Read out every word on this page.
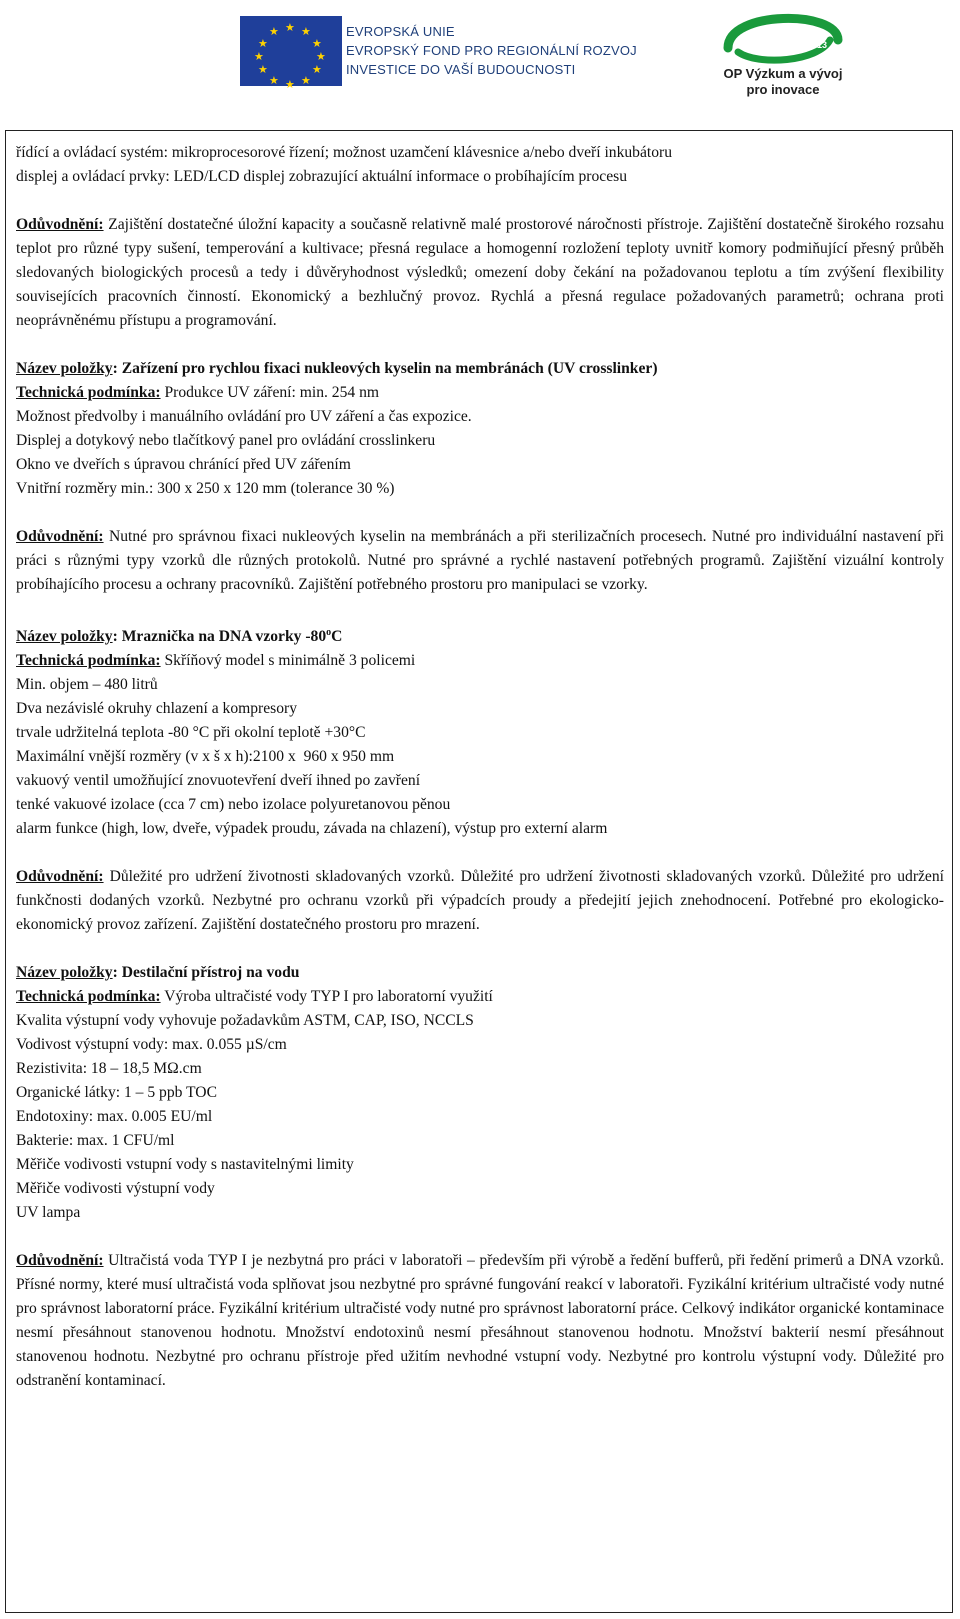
★ ★
★
★
★
★
★
★
★
★
★
★	EVROPSKÁ UNIE
EVROPSKÝ FOND PRO REGIONÁLNÍ ROZVOJ
INVESTICE DO VAŠÍ BUDOUCNOSTI
2007-13
OP Výzkum a vývoj
pro inovace

řídící a ovládací systém: mikroprocesorové řízení; možnost uzamčení klávesnice a/nebo dveří inkubátoru

displej a ovládací prvky: LED/LCD displej zobrazující aktuální informace o probíhajícím procesu

Odůvodnění: Zajištění dostatečné úložní kapacity a současně relativně malé prostorové náročnosti přístroje. Zajištění dostatečně širokého rozsahu teplot pro různé typy sušení, temperování a kultivace; přesná regulace a homogenní rozložení teploty uvnitř komory podmiňující přesný průběh sledovaných biologických procesů a tedy i důvěryhodnost výsledků; omezení doby čekání na požadovanou teplotu a tím zvýšení flexibility souvisejících pracovních činností. Ekonomický a bezhlučný provoz. Rychlá a přesná regulace požadovaných parametrů; ochrana proti neoprávněnému přístupu a programování.

Název položky: Zařízení pro rychlou fixaci nukleových kyselin na membránách (UV crosslinker)

Technická podmínka: Produkce UV záření: min. 254 nm

Možnost předvolby i manuálního ovládání pro UV záření a čas expozice.

Displej a dotykový nebo tlačítkový panel pro ovládání crosslinkeru

Okno ve dveřích s úpravou chránící před UV zářením

Vnitřní rozměry min.: 300 x 250 x 120 mm (tolerance 30 %)

Odůvodnění: Nutné pro správnou fixaci nukleových kyselin na membránách a při sterilizačních procesech. Nutné pro individuální nastavení při práci s různými typy vzorků dle různých protokolů. Nutné pro správné a rychlé nastavení potřebných programů. Zajištění vizuální kontroly probíhajícího procesu a ochrany pracovníků. Zajištění potřebného prostoru pro manipulaci se vzorky.

Název položky: Mraznička na DNA vzorky -80$^o$C

Technická podmínka: Skříňový model s minimálně 3 policemi

Min. objem – 480 litrů

Dva nezávislé okruhy chlazení a kompresory

trvale udržitelná teplota -80 °C při okolní teplotě +30°C

Maximální vnější rozměry (v x š x h):2100 x  960 x 950 mm

vakuový ventil umožňující znovuotevření dveří ihned po zavření

tenké vakuové izolace (cca 7 cm) nebo izolace polyuretanovou pěnou

alarm funkce (high, low, dveře, výpadek proudu, závada na chlazení), výstup pro externí alarm

Odůvodnění: Důležité pro udržení životnosti skladovaných vzorků. Důležité pro udržení životnosti skladovaných vzorků. Důležité pro udržení funkčnosti dodaných vzorků. Nezbytné pro ochranu vzorků při výpadcích proudy a předejití jejich znehodnocení. Potřebné pro ekologicko-ekonomický provoz zařízení. Zajištění dostatečného prostoru pro mrazení.

Název položky: Destilační přístroj na vodu

Technická podmínka: Výroba ultračisté vody TYP I pro laboratorní využití

Kvalita výstupní vody vyhovuje požadavkům ASTM, CAP, ISO, NCCLS

Vodivost výstupní vody: max. 0.055 µS/cm

Rezistivita: 18 – 18,5 MΩ.cm

Organické látky: 1 – 5 ppb TOC

Endotoxiny: max. 0.005 EU/ml

Bakterie: max. 1 CFU/ml

Měřiče vodivosti vstupní vody s nastavitelnými limity

Měřiče vodivosti výstupní vody

UV lampa

Odůvodnění: Ultračistá voda TYP I je nezbytná pro práci v laboratoři – především při výrobě a ředění bufferů, při ředění primerů a DNA vzorků. Přísné normy, které musí ultračistá voda splňovat jsou nezbytné pro správné fungování reakcí v laboratoři. Fyzikální kritérium ultračisté vody nutné pro správnost laboratorní práce. Fyzikální kritérium ultračisté vody nutné pro správnost laboratorní práce. Celkový indikátor organické kontaminace nesmí přesáhnout stanovenou hodnotu. Množství endotoxinů nesmí přesáhnout stanovenou hodnotu. Množství bakterií nesmí přesáhnout stanovenou hodnotu. Nezbytné pro ochranu přístroje před užitím nevhodné vstupní vody. Nezbytné pro kontrolu výstupní vody. Důležité pro odstranění kontaminací.
